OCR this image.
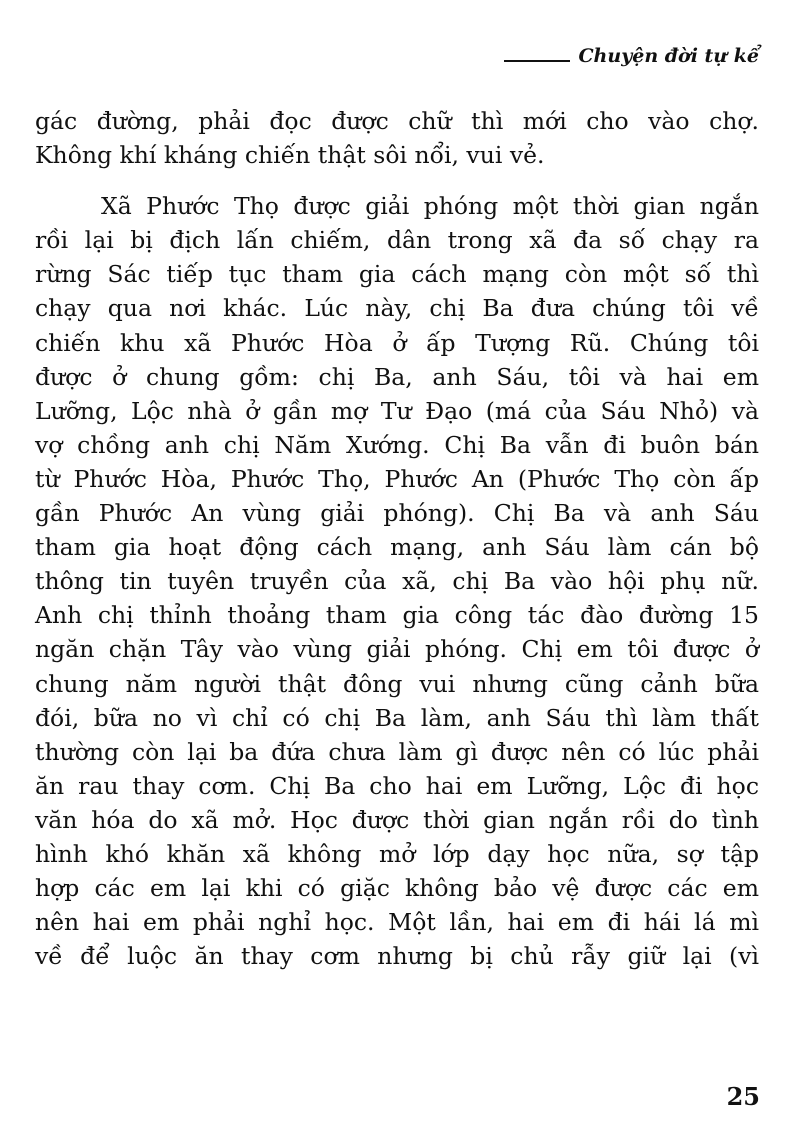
Chuyện đời tự kể
gác đường, phải đọc được chữ thì mới cho vào chợ.
Không khí kháng chiến thật sôi nổi, vui vẻ.
Xã Phước Thọ được giải phóng một thời gian ngắn
rồi lại bị địch lấn chiếm, dân trong xã đa số chạy ra
rừng Sác tiếp tục tham gia cách mạng còn một số thì
chạy qua nơi khác. Lúc này, chị Ba đưa chúng tôi về
chiến khu xã Phước Hòa ở ấp Tượng Rũ. Chúng tôi
được ở chung gồm: chị Ba, anh Sáu, tôi và hai em
Lưỡng, Lộc nhà ở gần mợ Tư Đạo (má của Sáu Nhỏ) và
vợ chồng anh chị Năm Xướng. Chị Ba vẫn đi buôn bán
từ Phước Hòa, Phước Thọ, Phước An (Phước Thọ còn ấp
gần Phước An vùng giải phóng). Chị Ba và anh Sáu
tham gia hoạt động cách mạng, anh Sáu làm cán bộ
thông tin tuyên truyền của xã, chị Ba vào hội phụ nữ.
Anh chị thỉnh thoảng tham gia công tác đào đường 15
ngăn chặn Tây vào vùng giải phóng. Chị em tôi được ở
chung năm người thật đông vui nhưng cũng cảnh bữa
đói, bữa no vì chỉ có chị Ba làm, anh Sáu thì làm thất
thường còn lại ba đứa chưa làm gì được nên có lúc phải
ăn rau thay cơm. Chị Ba cho hai em Lưỡng, Lộc đi học
văn hóa do xã mở. Học được thời gian ngắn rồi do tình
hình khó khăn xã không mở lớp dạy học nữa, sợ tập
hợp các em lại khi có giặc không bảo vệ được các em
nên hai em phải nghỉ học. Một lần, hai em đi hái lá mì
về để luộc ăn thay cơm nhưng bị chủ rẫy giữ lại (vì
25
